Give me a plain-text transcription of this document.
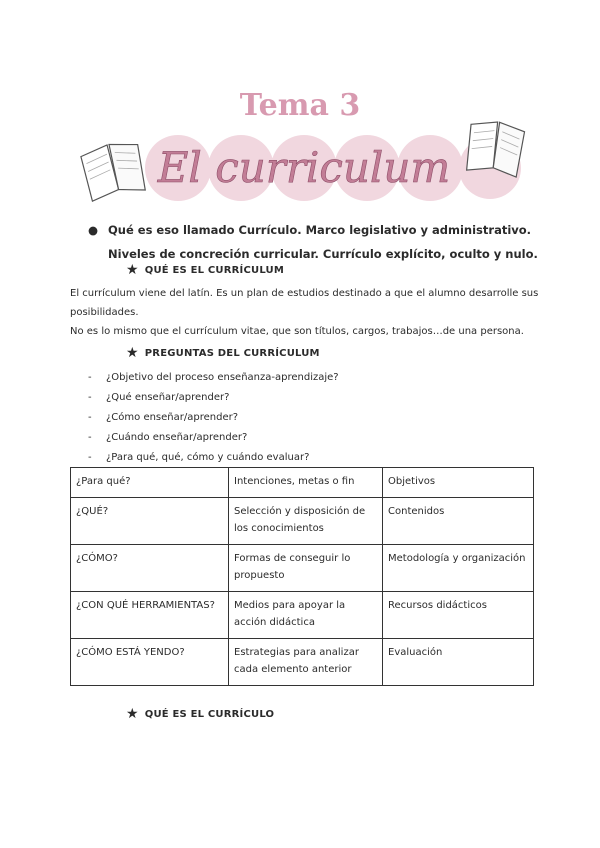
Tema 3
El curriculum
● Qué es eso llamado Currículo. Marco legislativo y administrativo. Niveles de concreción curricular. Currículo explícito, oculto y nulo.
★ QUÉ ES EL CURRÍCULUM
El currículum viene del latín. Es un plan de estudios destinado a que el alumno desarrolle sus posibilidades.
No es lo mismo que el currículum vitae, que son títulos, cargos, trabajos…de una persona.
★ PREGUNTAS DEL CURRÍCULUM
- ¿Objetivo del proceso enseñanza-aprendizaje?
- ¿Qué enseñar/aprender?
- ¿Cómo enseñar/aprender?
- ¿Cuándo enseñar/aprender?
- ¿Para qué, qué, cómo y cuándo evaluar?
¿Para qué?	Intenciones, metas o fin	Objetivos
¿QUÉ?	Selección y disposición de los conocimientos	Contenidos
¿CÓMO?	Formas de conseguir lo propuesto	Metodología y organización
¿CON QUÉ HERRAMIENTAS?	Medios para apoyar la acción didáctica	Recursos didácticos
¿CÓMO ESTÁ YENDO?	Estrategias para analizar cada elemento anterior	Evaluación
★ QUÉ ES EL CURRÍCULO
